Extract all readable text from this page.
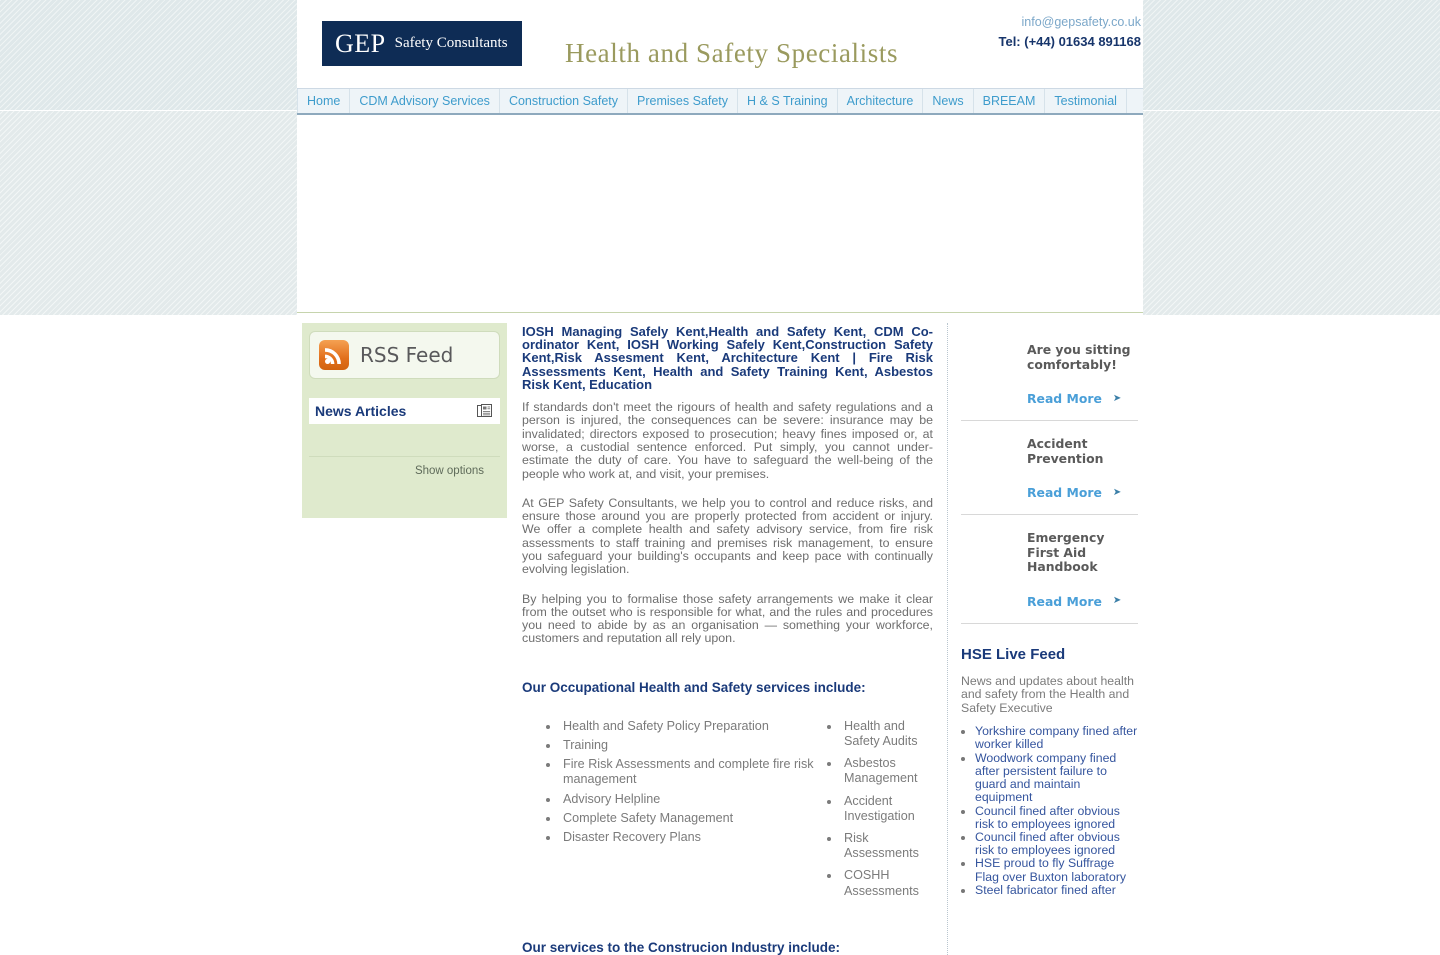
GEP Safety Consultants Health and Safety Specialists
info@gepsafety.co.uk
Tel: (+44) 01634 891168
Home	CDM Advisory Services	Construction Safety	Premises Safety	H & S Training	Architecture	News	BREEAM	Testimonial
RSS Feed
News Articles
Show options
IOSH Managing Safely Kent,Health and Safety Kent, CDM Co-ordinator Kent, IOSH Working Safely Kent,Construction Safety Kent,Risk Assesment Kent, Architecture Kent | Fire Risk Assessments Kent, Health and Safety Training Kent, Asbestos Risk Kent, Education

If standards don't meet the rigours of health and safety regulations and a person is injured, the consequences can be severe: insurance may be invalidated; directors exposed to prosecution; heavy fines imposed or, at worse, a custodial sentence enforced. Put simply, you cannot under-estimate the duty of care. You have to safeguard the well-being of the people who work at, and visit, your premises.

At GEP Safety Consultants, we help you to control and reduce risks, and ensure those around you are properly protected from accident or injury. We offer a complete health and safety advisory service, from fire risk assessments to staff training and premises risk management, to ensure you safeguard your building's occupants and keep pace with continually evolving legislation.

By helping you to formalise those safety arrangements we make it clear from the outset who is responsible for what, and the rules and procedures you need to abide by as an organisation — something your workforce, customers and reputation all rely upon.

Our Occupational Health and Safety services include:
• Health and Safety Policy Preparation
• Training
• Fire Risk Assessments and complete fire risk management
• Advisory Helpline
• Complete Safety Management
• Disaster Recovery Plans
• Health and Safety Audits
• Asbestos Management
• Accident Investigation
• Risk Assessments
• COSHH Assessments
Our services to the Construcion Industry include:
Are you sitting comfortably!
Read More ➤
Accident Prevention
Read More ➤
Emergency First Aid Handbook
Read More ➤
HSE Live Feed
News and updates about health and safety from the Health and Safety Executive
• Yorkshire company fined after worker killed
• Woodwork company fined after persistent failure to guard and maintain equipment
• Council fined after obvious risk to employees ignored
• Council fined after obvious risk to employees ignored
• HSE proud to fly Suffrage Flag over Buxton laboratory
• Steel fabricator fined after
